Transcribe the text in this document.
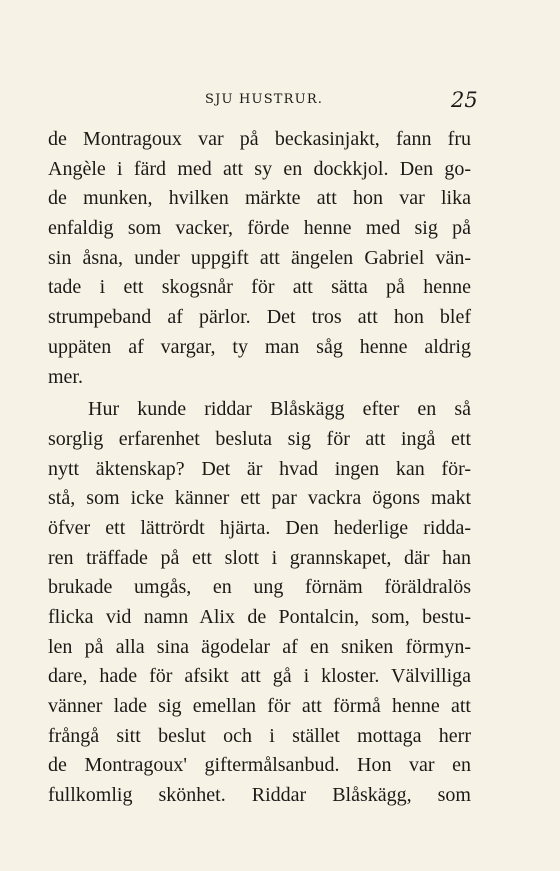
SJU HUSTRUR.	25
de Montragoux var på beckasinjakt, fann fru
Angèle i färd med att sy en dockkjol. Den go-
de munken, hvilken märkte att hon var lika
enfaldig som vacker, förde henne med sig på
sin åsna, under uppgift att ängelen Gabriel vän-
tade i ett skogsnår för att sätta på henne
strumpeband af pärlor. Det tros att hon blef
uppäten af vargar, ty man såg henne aldrig
mer.
Hur kunde riddar Blåskägg efter en så
sorglig erfarenhet besluta sig för att ingå ett
nytt äktenskap? Det är hvad ingen kan för-
stå, som icke känner ett par vackra ögons makt
öfver ett lättrördt hjärta. Den hederlige ridda-
ren träffade på ett slott i grannskapet, där han
brukade umgås, en ung förnäm föräldralös
flicka vid namn Alix de Pontalcin, som, bestu-
len på alla sina ägodelar af en sniken förmyn-
dare, hade för afsikt att gå i kloster. Välvilliga
vänner lade sig emellan för att förmå henne att
frångå sitt beslut och i stället mottaga herr
de Montragoux' giftermålsanbud. Hon var en
fullkomlig skönhet. Riddar Blåskägg, som
